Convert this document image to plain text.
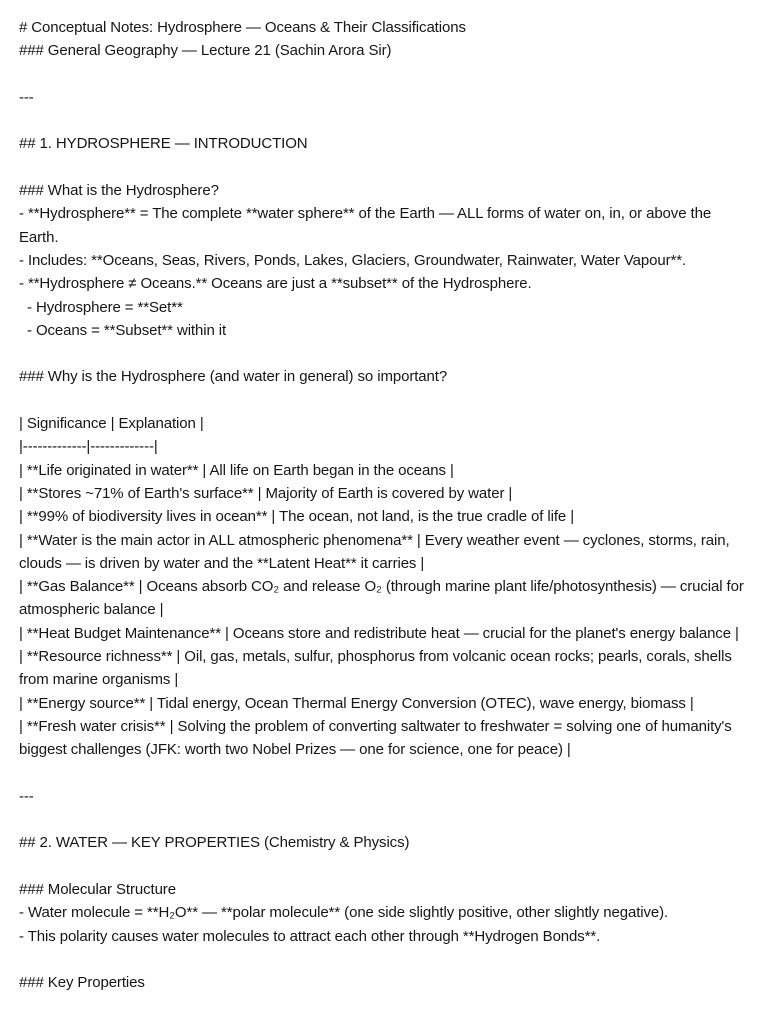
# Conceptual Notes: Hydrosphere — Oceans & Their Classifications

### General Geography — Lecture 21 (Sachin Arora Sir)

---

## 1. HYDROSPHERE — INTRODUCTION

### What is the Hydrosphere?

- **Hydrosphere** = The complete **water sphere** of the Earth — ALL forms of water on, in, or above the Earth.

- Includes: **Oceans, Seas, Rivers, Ponds, Lakes, Glaciers, Groundwater, Rainwater, Water Vapour**.

- **Hydrosphere ≠ Oceans.** Oceans are just a **subset** of the Hydrosphere.

- Hydrosphere = **Set**

- Oceans = **Subset** within it

### Why is the Hydrosphere (and water in general) so important?

| Significance | Explanation |

|-------------|-------------|

| **Life originated in water** | All life on Earth began in the oceans |

| **Stores ~71% of Earth's surface** | Majority of Earth is covered by water |

| **99% of biodiversity lives in ocean** | The ocean, not land, is the true cradle of life |

| **Water is the main actor in ALL atmospheric phenomena** | Every weather event — cyclones, storms, rain, clouds — is driven by water and the **Latent Heat** it carries |

| **Gas Balance** | Oceans absorb CO₂ and release O₂ (through marine plant life/photosynthesis) — crucial for atmospheric balance |

| **Heat Budget Maintenance** | Oceans store and redistribute heat — crucial for the planet's energy balance |

| **Resource richness** | Oil, gas, metals, sulfur, phosphorus from volcanic ocean rocks; pearls, corals, shells from marine organisms |

| **Energy source** | Tidal energy, Ocean Thermal Energy Conversion (OTEC), wave energy, biomass |

| **Fresh water crisis** | Solving the problem of converting saltwater to freshwater = solving one of humanity's biggest challenges (JFK: worth two Nobel Prizes — one for science, one for peace) |

---

## 2. WATER — KEY PROPERTIES (Chemistry & Physics)

### Molecular Structure

- Water molecule = **H₂O** — **polar molecule** (one side slightly positive, other slightly negative).

- This polarity causes water molecules to attract each other through **Hydrogen Bonds**.

### Key Properties
